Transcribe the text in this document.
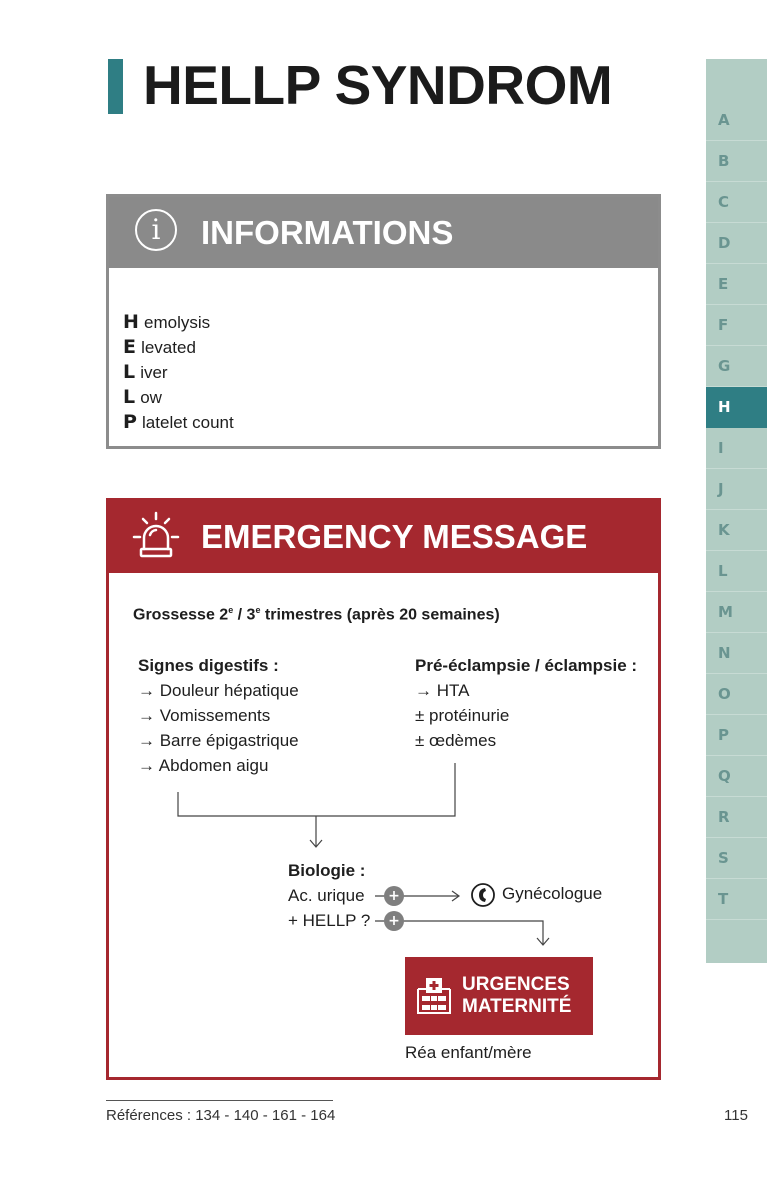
HELLP SYNDROM
i	INFORMATIONS
H emolysis
E levated
L iver
L ow
P latelet count
EMERGENCY MESSAGE
Grossesse 2e / 3e trimestres (après 20 semaines)
Signes digestifs :
→ Douleur hépatique
→ Vomissements
→ Barre épigastrique
→ Abdomen aigu
Pré-éclampsie / éclampsie :
→ HTA
± protéinurie
± œdèmes
Biologie :
Ac. urique
+ HELLP ?
+
+
Gynécologue
URGENCES
MATERNITÉ
Réa enfant/mère
Références : 134 - 140 - 161 - 164	115
A
B
C
D
E
F
G
H
I
J
K
L
M
N
O
P
Q
R
S
T
